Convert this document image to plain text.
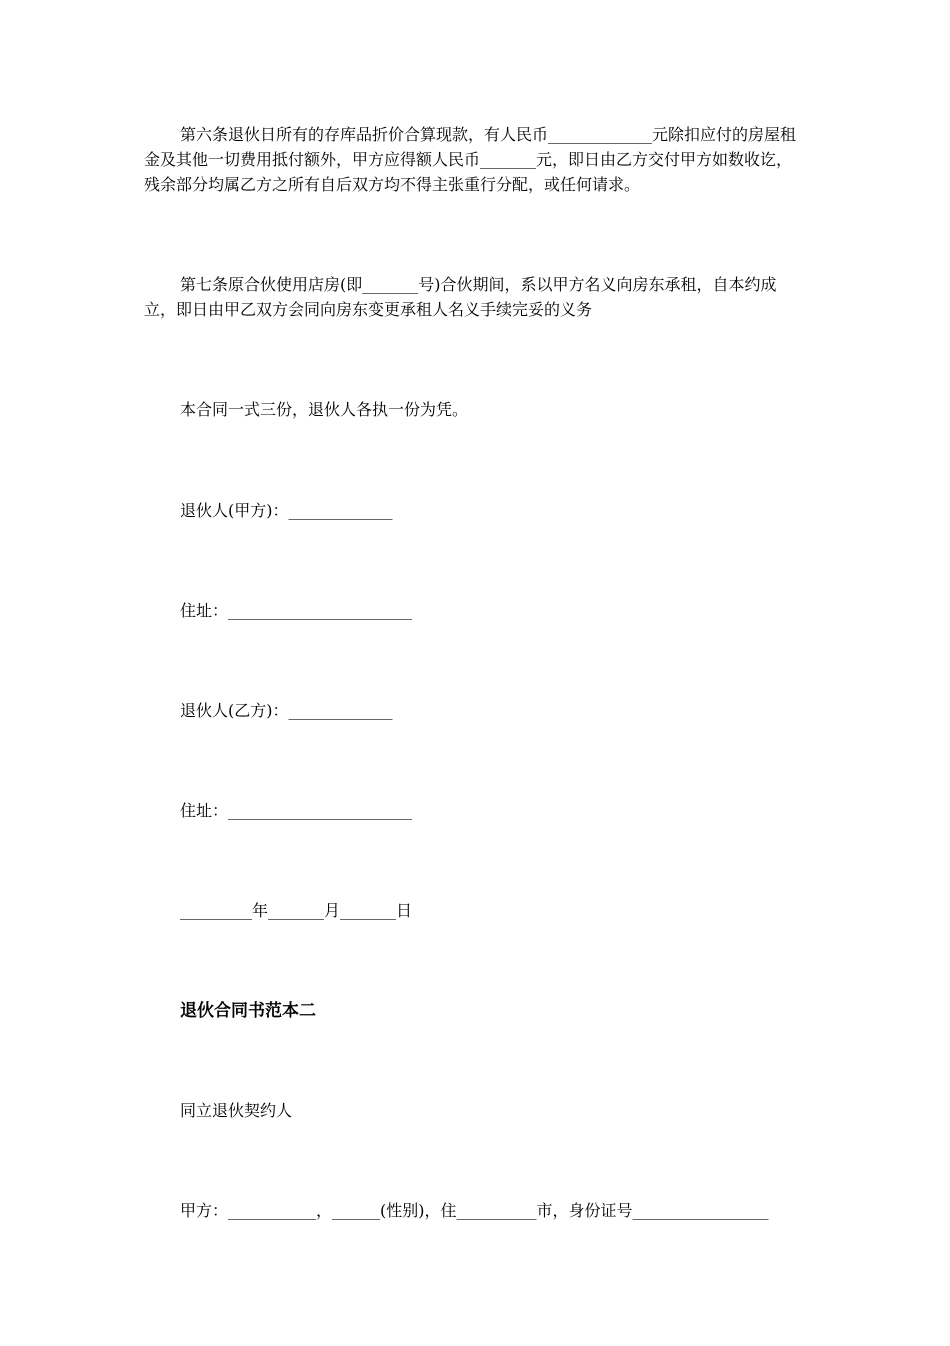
第六条退伙日所有的存库品折价合算现款，有人民币_____________元除扣应付的房屋租金及其他一切费用抵付额外，甲方应得额人民币_______元，即日由乙方交付甲方如数收讫，残余部分均属乙方之所有自后双方均不得主张重行分配，或任何请求。

第七条原合伙使用店房(即_______号)合伙期间，系以甲方名义向房东承租，自本约成立，即日由甲乙双方会同向房东变更承租人名义手续完妥的义务

本合同一式三份，退伙人各执一份为凭。

退伙人(甲方)：_____________

住址：_______________________

退伙人(乙方)：_____________

住址：_______________________

_________年_______月_______日

退伙合同书范本二

同立退伙契约人

甲方：___________，______(性别)，住__________市，身份证号_________________
